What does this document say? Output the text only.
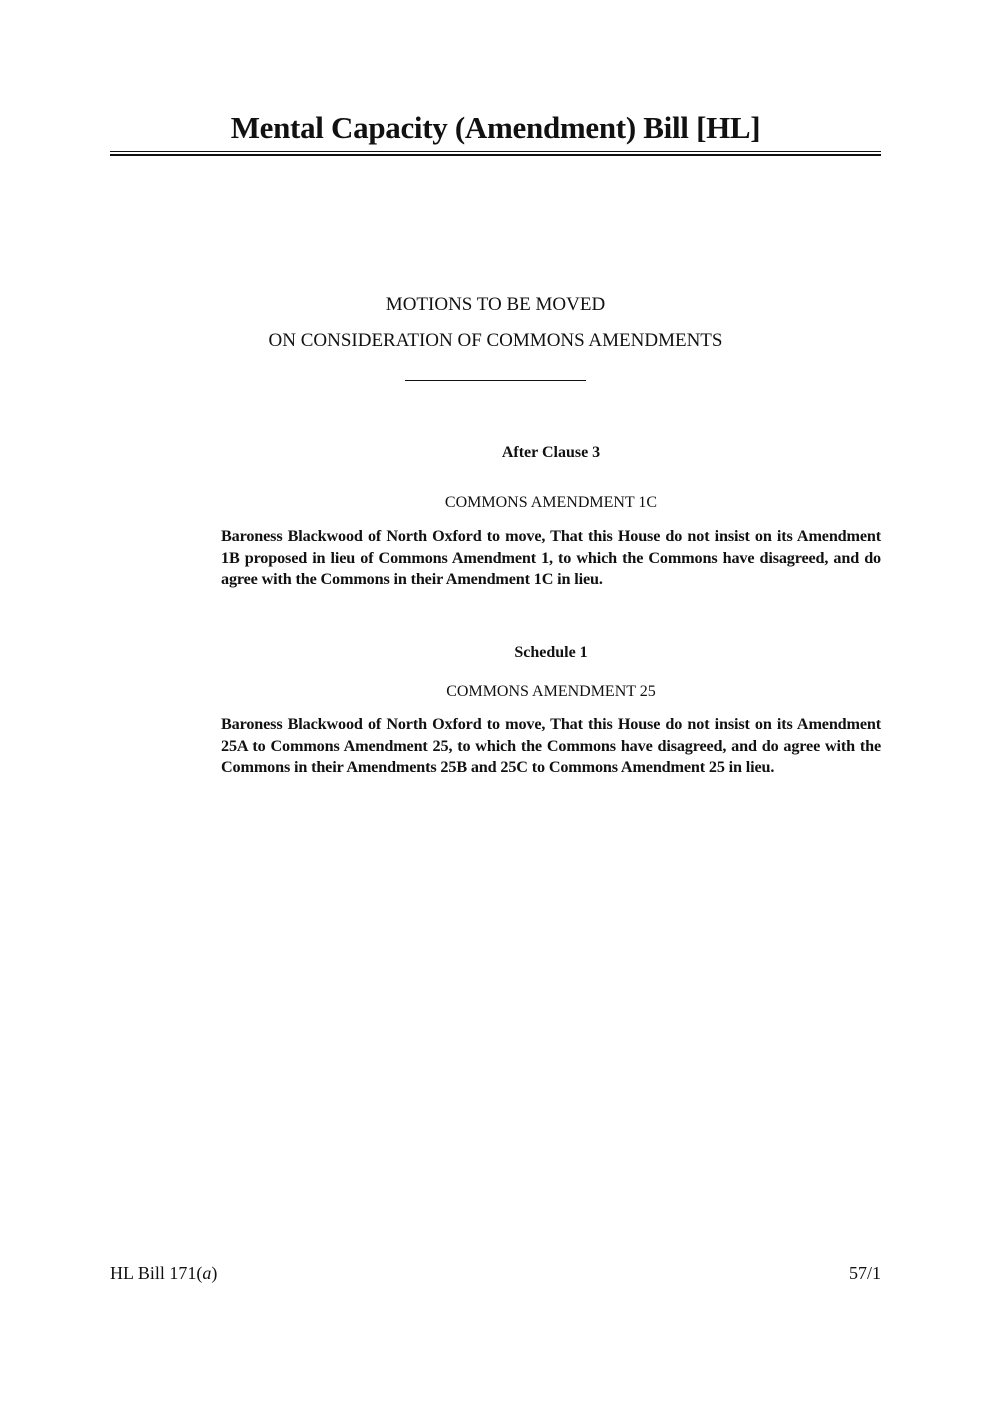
Mental Capacity (Amendment) Bill [HL]
MOTIONS TO BE MOVED
ON CONSIDERATION OF COMMONS AMENDMENTS
After Clause 3
COMMONS AMENDMENT 1C
Baroness Blackwood of North Oxford to move, That this House do not insist on its Amendment 1B proposed in lieu of Commons Amendment 1, to which the Commons have disagreed, and do agree with the Commons in their Amendment 1C in lieu.
Schedule 1
COMMONS AMENDMENT 25
Baroness Blackwood of North Oxford to move, That this House do not insist on its Amendment 25A to Commons Amendment 25, to which the Commons have disagreed, and do agree with the Commons in their Amendments 25B and 25C to Commons Amendment 25 in lieu.
HL Bill 171(a)	57/1
